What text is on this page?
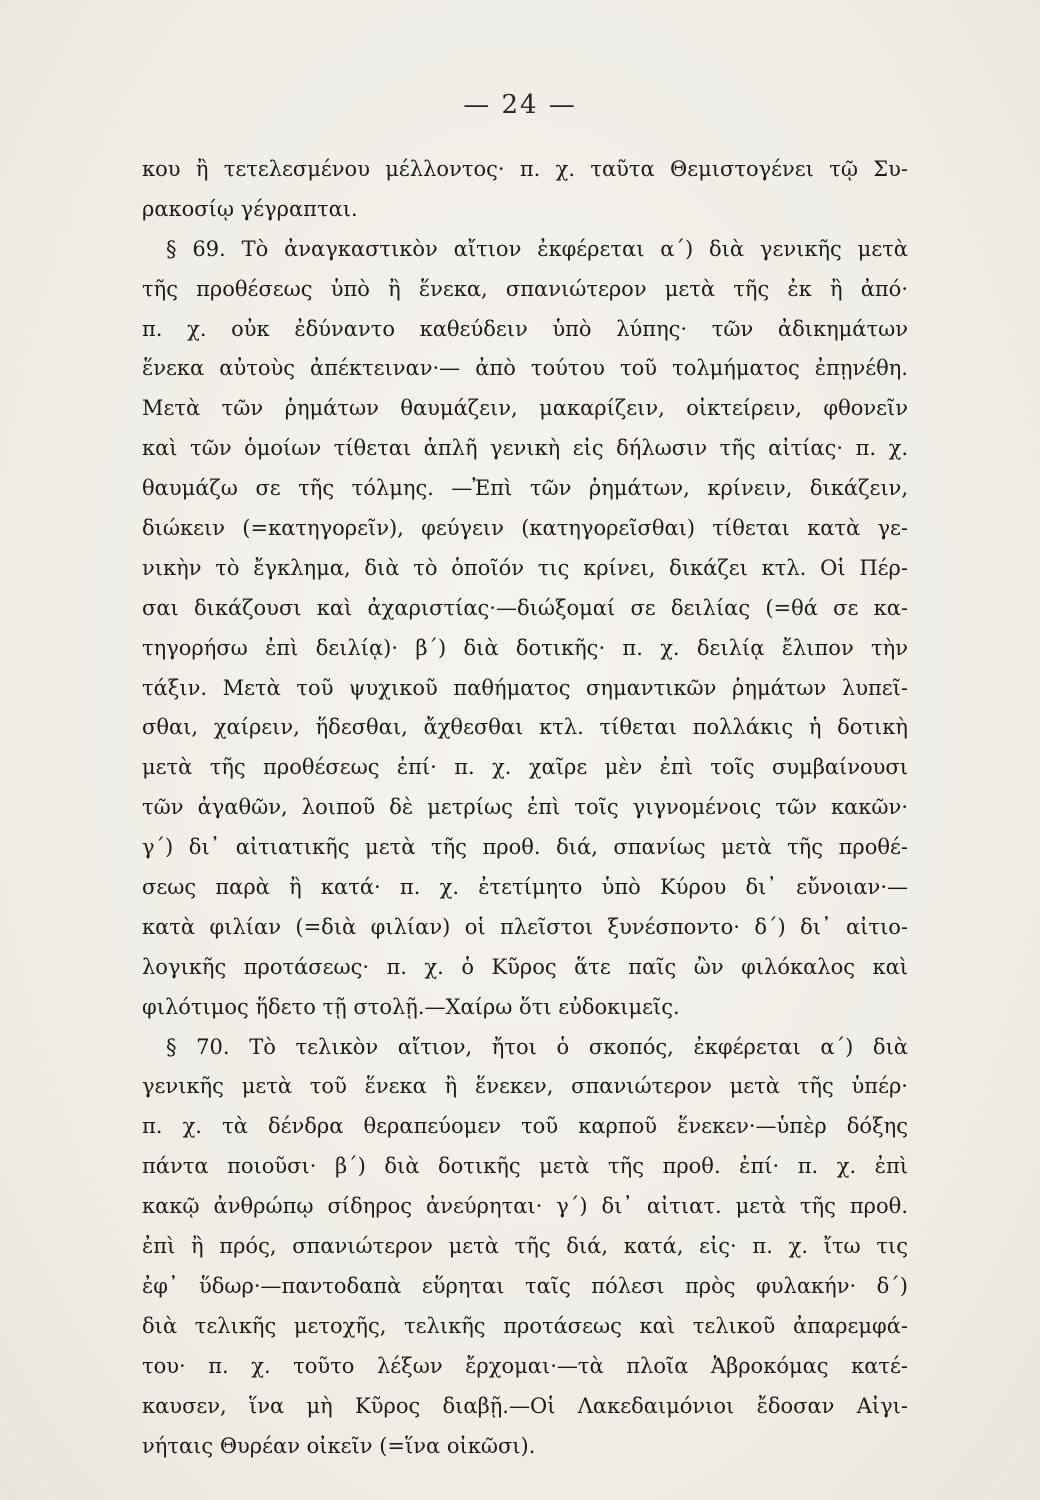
— 24 —
κου ἢ τετελεσμένου μέλλοντος· π. χ. ταῦτα Θεμιστογένει τῷ Συ-
ρακοσίῳ γέγραπται.
§ 69. Τὸ ἀναγκαστικὸν αἴτιον ἐκφέρεται α΄) διὰ γενικῆς μετὰ
τῆς προθέσεως ὑπὸ ἢ ἕνεκα, σπανιώτερον μετὰ τῆς ἐκ ἢ ἀπό·
π. χ. οὐκ ἐδύναντο καθεύδειν ὑπὸ λύπης· τῶν ἀδικημάτων
ἕνεκα αὐτοὺς ἀπέκτειναν·— ἀπὸ τούτου τοῦ τολμήματος ἐπῃνέθη.
Μετὰ τῶν ῥημάτων θαυμάζειν, μακαρίζειν, οἰκτείρειν, φθονεῖν
καὶ τῶν ὁμοίων τίθεται ἁπλῆ γενικὴ εἰς δήλωσιν τῆς αἰτίας· π. χ.
θαυμάζω σε τῆς τόλμης. —Ἐπὶ τῶν ῥημάτων, κρίνειν, δικάζειν,
διώκειν (=κατηγορεῖν), φεύγειν (κατηγορεῖσθαι) τίθεται κατὰ γε-
νικὴν τὸ ἔγκλημα, διὰ τὸ ὁποῖόν τις κρίνει, δικάζει κτλ. Οἱ Πέρ-
σαι δικάζουσι καὶ ἀχαριστίας·—διώξομαί σε δειλίας (=θά σε κα-
τηγορήσω ἐπὶ δειλίᾳ)· β΄) διὰ δοτικῆς· π. χ. δειλίᾳ ἔλιπον τὴν
τάξιν. Μετὰ τοῦ ψυχικοῦ παθήματος σημαντικῶν ῥημάτων λυπεῖ-
σθαι, χαίρειν, ἥδεσθαι, ἄχθεσθαι κτλ. τίθεται πολλάκις ἡ δοτικὴ
μετὰ τῆς προθέσεως ἐπί· π. χ. χαῖρε μὲν ἐπὶ τοῖς συμβαίνουσι
τῶν ἀγαθῶν, λοιποῦ δὲ μετρίως ἐπὶ τοῖς γιγνομένοις τῶν κακῶν·
γ΄) δι᾽ αἰτιατικῆς μετὰ τῆς προθ. διά, σπανίως μετὰ τῆς προθέ-
σεως παρὰ ἢ κατά· π. χ. ἐτετίμητο ὑπὸ Κύρου δι᾽ εὔνοιαν·—
κατὰ φιλίαν (=διὰ φιλίαν) οἱ πλεῖστοι ξυνέσποντο· δ΄) δι᾽ αἰτιο-
λογικῆς προτάσεως· π. χ. ὁ Κῦρος ἅτε παῖς ὢν φιλόκαλος καὶ
φιλότιμος ἥδετο τῇ στολῇ.—Χαίρω ὅτι εὐδοκιμεῖς.
§ 70. Τὸ τελικὸν αἴτιον, ἤτοι ὁ σκοπός, ἐκφέρεται α΄) διὰ
γενικῆς μετὰ τοῦ ἕνεκα ἢ ἕνεκεν, σπανιώτερον μετὰ τῆς ὑπέρ·
π. χ. τὰ δένδρα θεραπεύομεν τοῦ καρποῦ ἕνεκεν·—ὑπὲρ δόξης
πάντα ποιοῦσι· β΄) διὰ δοτικῆς μετὰ τῆς προθ. ἐπί· π. χ. ἐπὶ
κακῷ ἀνθρώπῳ σίδηρος ἀνεύρηται· γ΄) δι᾽ αἰτιατ. μετὰ τῆς προθ.
ἐπὶ ἢ πρός, σπανιώτερον μετὰ τῆς διά, κατά, εἰς· π. χ. ἴτω τις
ἐφ᾽ ὕδωρ·—παντοδαπὰ εὕρηται ταῖς πόλεσι πρὸς φυλακήν· δ΄)
διὰ τελικῆς μετοχῆς, τελικῆς προτάσεως καὶ τελικοῦ ἀπαρεμφά-
του· π. χ. τοῦτο λέξων ἔρχομαι·—τὰ πλοῖα Ἀβροκόμας κατέ-
καυσεν, ἵνα μὴ Κῦρος διαβῇ.—Οἱ Λακεδαιμόνιοι ἔδοσαν Αἰγι-
νήταις Θυρέαν οἰκεῖν (=ἵνα οἰκῶσι).
